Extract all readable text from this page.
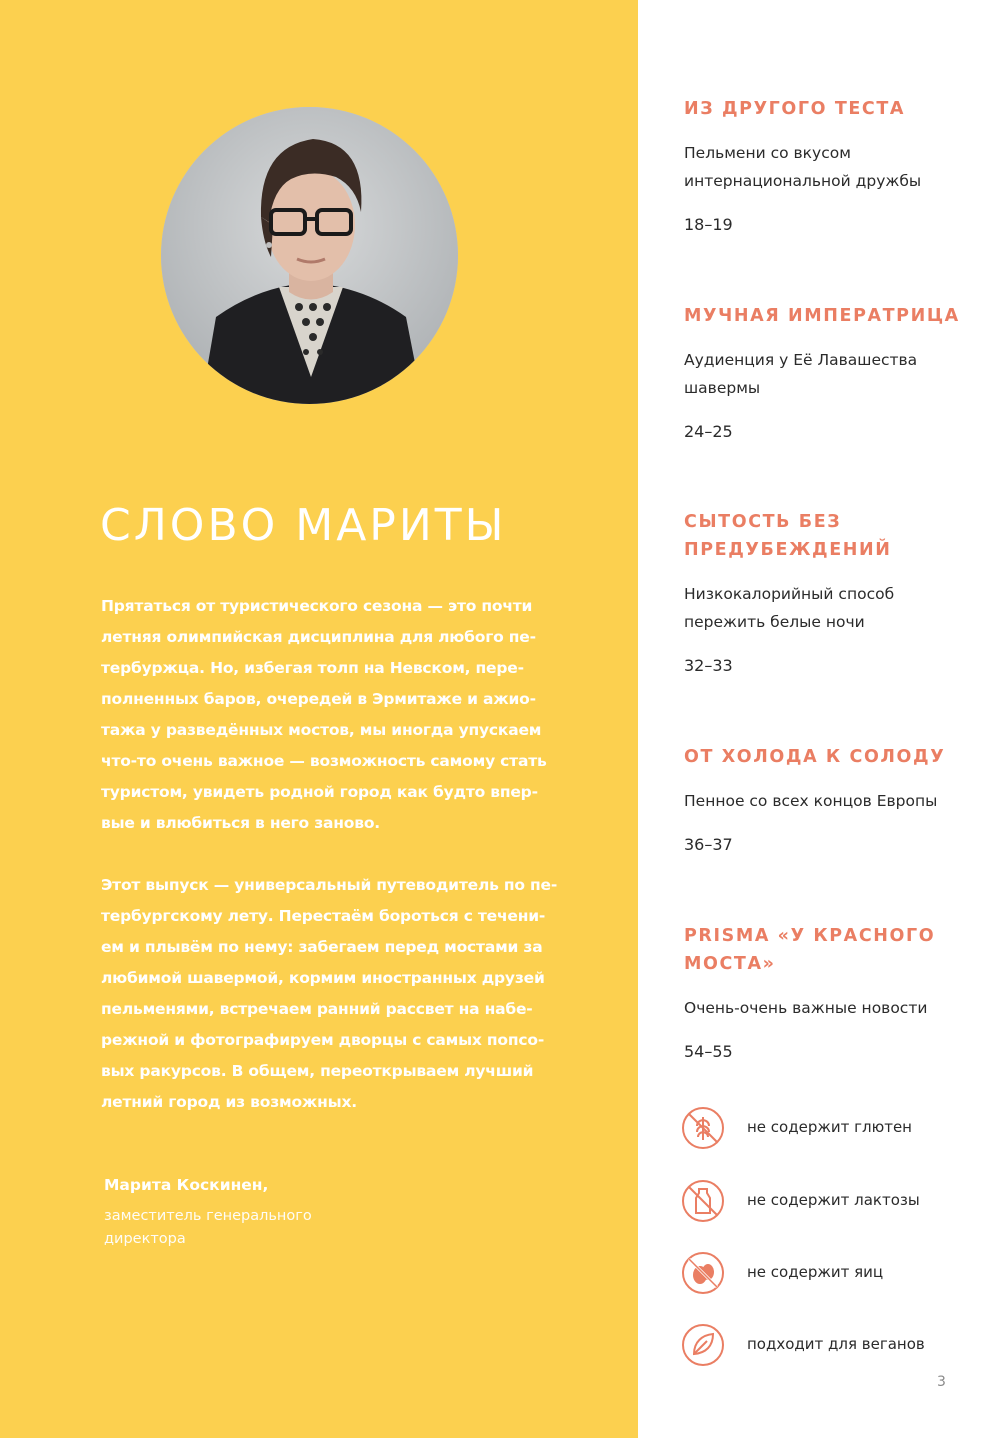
СЛОВО МАРИТЫ
Прятаться от туристического сезона — это почти
летняя олимпийская дисциплина для любого пе-
тербуржца. Но, избегая толп на Невском, пере-
полненных баров, очередей в Эрмитаже и ажио-
тажа у разведённых мостов, мы иногда упускаем
что-то очень важное — возможность самому стать
туристом, увидеть родной город как будто впер-
вые и влюбиться в него заново.
Этот выпуск — универсальный путеводитель по пе-
тербургскому лету. Перестаём бороться с течени-
ем и плывём по нему: забегаем перед мостами за
любимой шавермой, кормим иностранных друзей
пельменями, встречаем ранний рассвет на набе-
режной и фотографируем дворцы с самых попсо-
вых ракурсов. В общем, переоткрываем лучший
летний город из возможных.
Марита Коскинен,
заместитель генерального
директора
ИЗ ДРУГОГО ТЕСТА
Пельмени со вкусом
интернациональной дружбы
18–19
МУЧНАЯ ИМПЕРАТРИЦА
Аудиенция у Её Лавашества
шавермы
24–25
СЫТОСТЬ БЕЗ
ПРЕДУБЕЖДЕНИЙ
Низкокалорийный способ
пережить белые ночи
32–33
ОТ ХОЛОДА К СОЛОДУ
Пенное со всех концов Европы
36–37
PRISMA «У КРАСНОГО
МОСТА»
Очень-очень важные новости
54–55
не содержит глютен
не содержит лактозы
не содержит яиц
подходит для веганов
3
